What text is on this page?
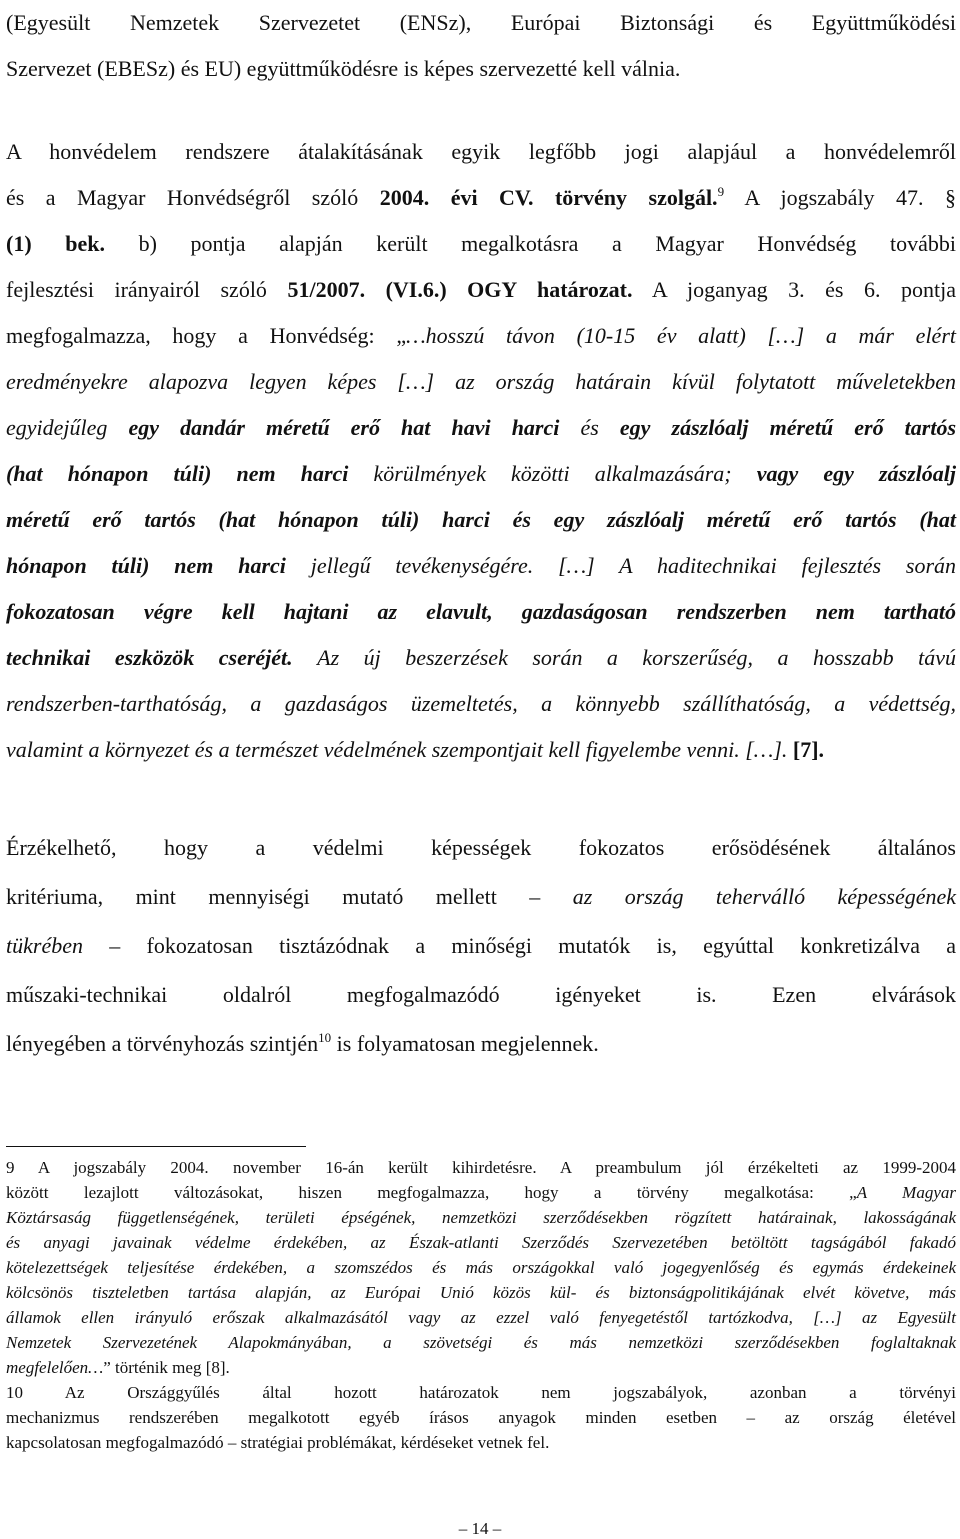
(Egyesült Nemzetek Szervezetet (ENSz), Európai Biztonsági és Együttműködési
Szervezet (EBESz) és EU) együttműködésre is képes szervezetté kell válnia.

A honvédelem rendszere átalakításának egyik legfőbb jogi alapjául a honvédelemről
és a Magyar Honvédségről szóló 2004. évi CV. törvény szolgál.$^9$ A jogszabály 47. §
(1) bek. b) pontja alapján került megalkotásra a Magyar Honvédség további
fejlesztési irányairól szóló 51/2007. (VI.6.) OGY határozat. A joganyag 3. és 6. pontja
megfogalmazza, hogy a Honvédség: „…hosszú távon (10-15 év alatt) […] a már elért
eredményekre alapozva legyen képes […] az ország határain kívül folytatott műveletekben
egyidejűleg egy dandár méretű erő hat havi harci és egy zászlóalj méretű erő tartós
(hat hónapon túli) nem harci körülmények közötti alkalmazására; vagy egy zászlóalj
méretű erő tartós (hat hónapon túli) harci és egy zászlóalj méretű erő tartós (hat
hónapon túli) nem harci jellegű tevékenységére. […] A haditechnikai fejlesztés során
fokozatosan végre kell hajtani az elavult, gazdaságosan rendszerben nem tartható
technikai eszközök cseréjét. Az új beszerzések során a korszerűség, a hosszabb távú
rendszerben-tarthatóság, a gazdaságos üzemeltetés, a könnyebb szállíthatóság, a védettség,
valamint a környezet és a természet védelmének szempontjait kell figyelembe venni. […]. [7].

Érzékelhető, hogy a védelmi képességek fokozatos erősödésének általános
kritériuma, mint mennyiségi mutató mellett – az ország teherválló képességének
tükrében – fokozatosan tisztázódnak a minőségi mutatók is, egyúttal konkretizálva a
műszaki-technikai oldalról megfogalmazódó igényeket is. Ezen elvárások
lényegében a törvényhozás szintjén$^{10}$ is folyamatosan megjelennek.

9 A jogszabály 2004. november 16-án került kihirdetésre. A preambulum jól érzékelteti az 1999-2004
között lezajlott változásokat, hiszen megfogalmazza, hogy a törvény megalkotása: „A Magyar
Köztársaság függetlenségének, területi épségének, nemzetközi szerződésekben rögzített határainak, lakosságának
és anyagi javainak védelme érdekében, az Észak-atlanti Szerződés Szervezetében betöltött tagságából fakadó
kötelezettségek teljesítése érdekében, a szomszédos és más országokkal való jogegyenlőség és egymás érdekeinek
kölcsönös tiszteletben tartása alapján, az Európai Unió közös kül- és biztonságpolitikájának elvét követve, más
államok ellen irányuló erőszak alkalmazásától vagy az ezzel való fenyegetéstől tartózkodva, […] az Egyesült
Nemzetek Szervezetének Alapokmányában, a szövetségi és más nemzetközi szerződésekben foglaltaknak
megfelelően…” történik meg [8].
10 Az Országgyűlés által hozott határozatok nem jogszabályok, azonban a törvényi
mechanizmus rendszerében megalkotott egyéb írásos anyagok minden esetben – az ország életével
kapcsolatosan megfogalmazódó – stratégiai problémákat, kérdéseket vetnek fel.
– 14 –
